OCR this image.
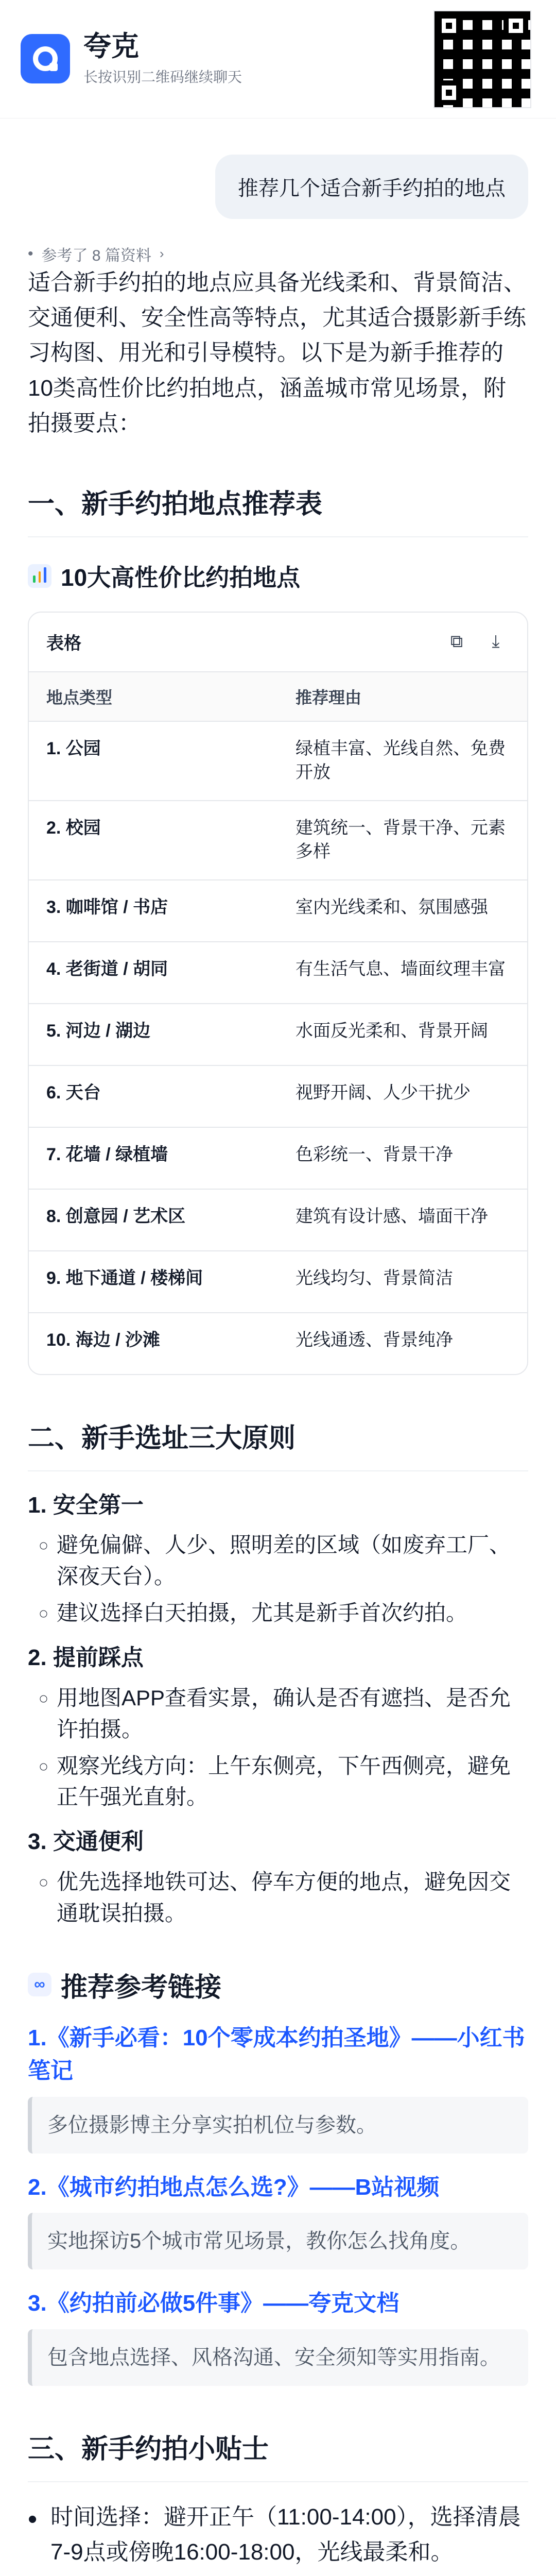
夸克
长按识别二维码继续聊天
推荐几个适合新手约拍的地点
• 参考了 8 篇资料 ›

适合新手约拍的地点应具备光线柔和、背景简洁、交通便利、安全性高等特点，尤其适合摄影新手练习构图、用光和引导模特。以下是为新手推荐的10类高性价比约拍地点，涵盖城市常见场景，附拍摄要点：

一、新手约拍地点推荐表
10大高性价比约拍地点
表格	⧉	⤓
地点类型	推荐理由
1. 公园	绿植丰富、光线自然、免费开放
2. 校园	建筑统一、背景干净、元素多样
3. 咖啡馆 / 书店	室内光线柔和、氛围感强
4. 老街道 / 胡同	有生活气息、墙面纹理丰富
5. 河边 / 湖边	水面反光柔和、背景开阔
6. 天台	视野开阔、人少干扰少
7. 花墙 / 绿植墙	色彩统一、背景干净
8. 创意园 / 艺术区	建筑有设计感、墙面干净
9. 地下通道 / 楼梯间	光线均匀、背景简洁
10. 海边 / 沙滩	光线通透、背景纯净
二、新手选址三大原则
1. 安全第一
◦ 避免偏僻、人少、照明差的区域（如废弃工厂、深夜天台）。
◦ 建议选择白天拍摄，尤其是新手首次约拍。
2. 提前踩点
◦ 用地图APP查看实景，确认是否有遮挡、是否允许拍摄。
◦ 观察光线方向：上午东侧亮，下午西侧亮，避免正午强光直射。
3. 交通便利
◦ 优先选择地铁可达、停车方便的地点，避免因交通耽误拍摄。
∞ 推荐参考链接
1.《新手必看：10个零成本约拍圣地》——小红书笔记
多位摄影博主分享实拍机位与参数。
2.《城市约拍地点怎么选?》——B站视频
实地探访5个城市常见场景，教你怎么找角度。
3.《约拍前必做5件事》——夸克文档
包含地点选择、风格沟通、安全须知等实用指南。
三、新手约拍小贴士
• 时间选择：避开正午（11:00-14:00），选择清晨7-9点或傍晚16:00-18:00，光线最柔和。
